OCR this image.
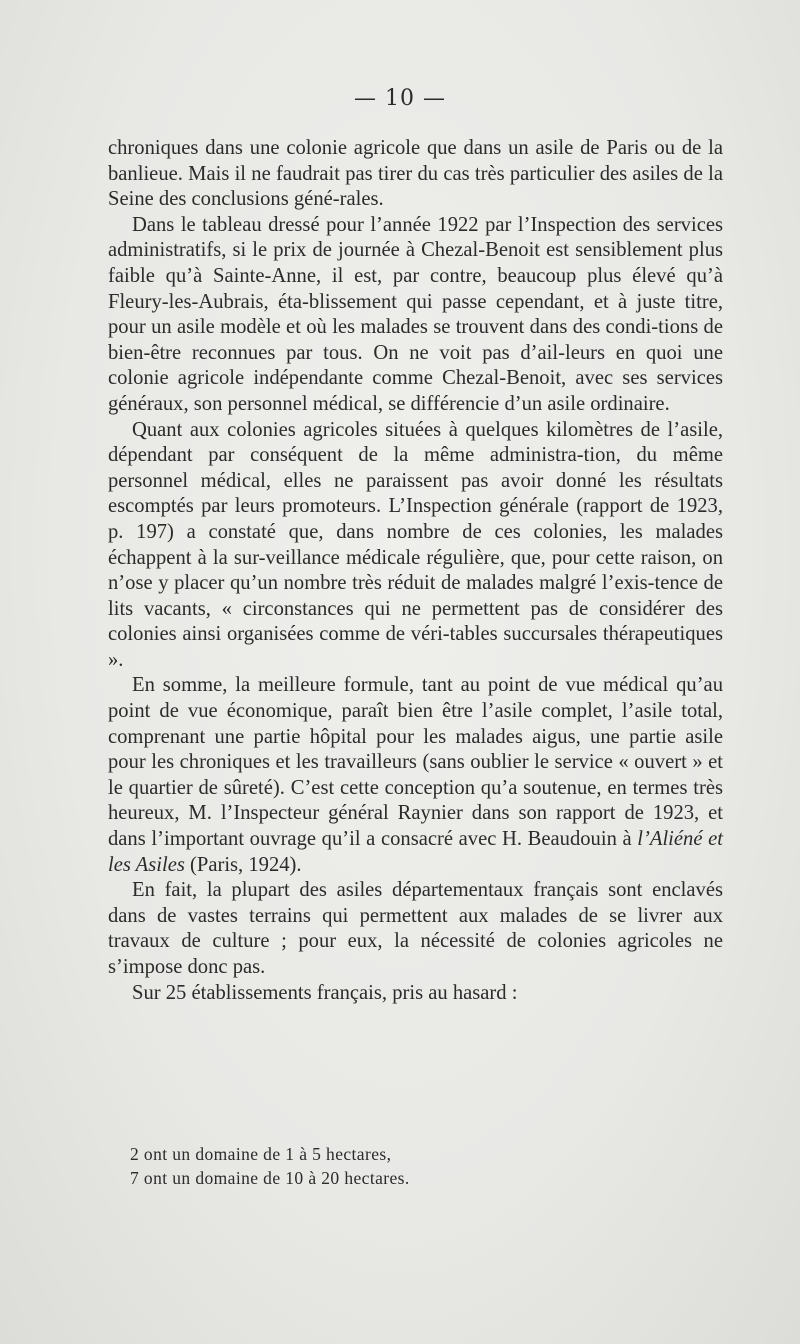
— 10 —

chroniques dans une colonie agricole que dans un asile de Paris ou de la banlieue. Mais il ne faudrait pas tirer du cas très particulier des asiles de la Seine des conclusions géné-rales.

Dans le tableau dressé pour l’année 1922 par l’Inspection des services administratifs, si le prix de journée à Chezal-Benoit est sensiblement plus faible qu’à Sainte-Anne, il est, par contre, beaucoup plus élevé qu’à Fleury-les-Aubrais, éta-blissement qui passe cependant, et à juste titre, pour un asile modèle et où les malades se trouvent dans des condi-tions de bien-être reconnues par tous. On ne voit pas d’ail-leurs en quoi une colonie agricole indépendante comme Chezal-Benoit, avec ses services généraux, son personnel médical, se différencie d’un asile ordinaire.

Quant aux colonies agricoles situées à quelques kilomètres de l’asile, dépendant par conséquent de la même administra-tion, du même personnel médical, elles ne paraissent pas avoir donné les résultats escomptés par leurs promoteurs. L’Inspection générale (rapport de 1923, p. 197) a constaté que, dans nombre de ces colonies, les malades échappent à la sur-veillance médicale régulière, que, pour cette raison, on n’ose y placer qu’un nombre très réduit de malades malgré l’exis-tence de lits vacants, « circonstances qui ne permettent pas de considérer des colonies ainsi organisées comme de véri-tables succursales thérapeutiques ».

En somme, la meilleure formule, tant au point de vue médical qu’au point de vue économique, paraît bien être l’asile complet, l’asile total, comprenant une partie hôpital pour les malades aigus, une partie asile pour les chroniques et les travailleurs (sans oublier le service « ouvert » et le quartier de sûreté). C’est cette conception qu’a soutenue, en termes très heureux, M. l’Inspecteur général Raynier dans son rapport de 1923, et dans l’important ouvrage qu’il a consacré avec H. Beaudouin à l’Aliéné et les Asiles (Paris, 1924).

En fait, la plupart des asiles départementaux français sont enclavés dans de vastes terrains qui permettent aux malades de se livrer aux travaux de culture ; pour eux, la nécessité de colonies agricoles ne s’impose donc pas.

Sur 25 établissements français, pris au hasard :

2 ont un domaine de 1 à 5 hectares,
7 ont un domaine de 10 à 20 hectares.
